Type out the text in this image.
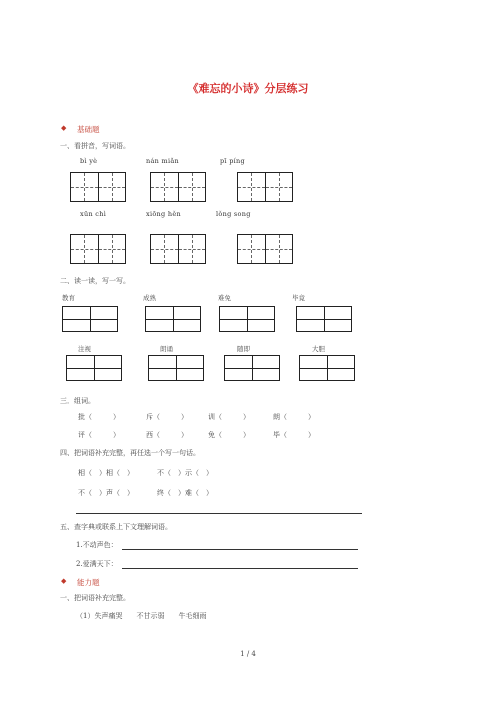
《难忘的小诗》分层练习
◆ 基础题
一、看拼音，写词语。
bì yè	nán miǎn	pī píng
xūn chì	xiōng hěn	lǒng song
二、读一读，写一写。
教育	成熟	难免	毕竟
注视	朗诵	随即	大胆
三．组词。
批（　　　）	斥（　　　）	训（　　　）	朗（　　　）
评（　　　）	西（　　　）	免（　　　）	毕（　　　）
四、把词语补充完整，再任选一个写一句话。
相（　）相（　）	不（　）示（　）
不（　）声（　）	终（　）难（　）
五、查字典或联系上下文理解词语。
1.不动声色：
2.爱满天下：
◆ 能力题
一、把词语补充完整。
（1）失声痛哭　　不甘示弱　　牛毛细雨
1 / 4
